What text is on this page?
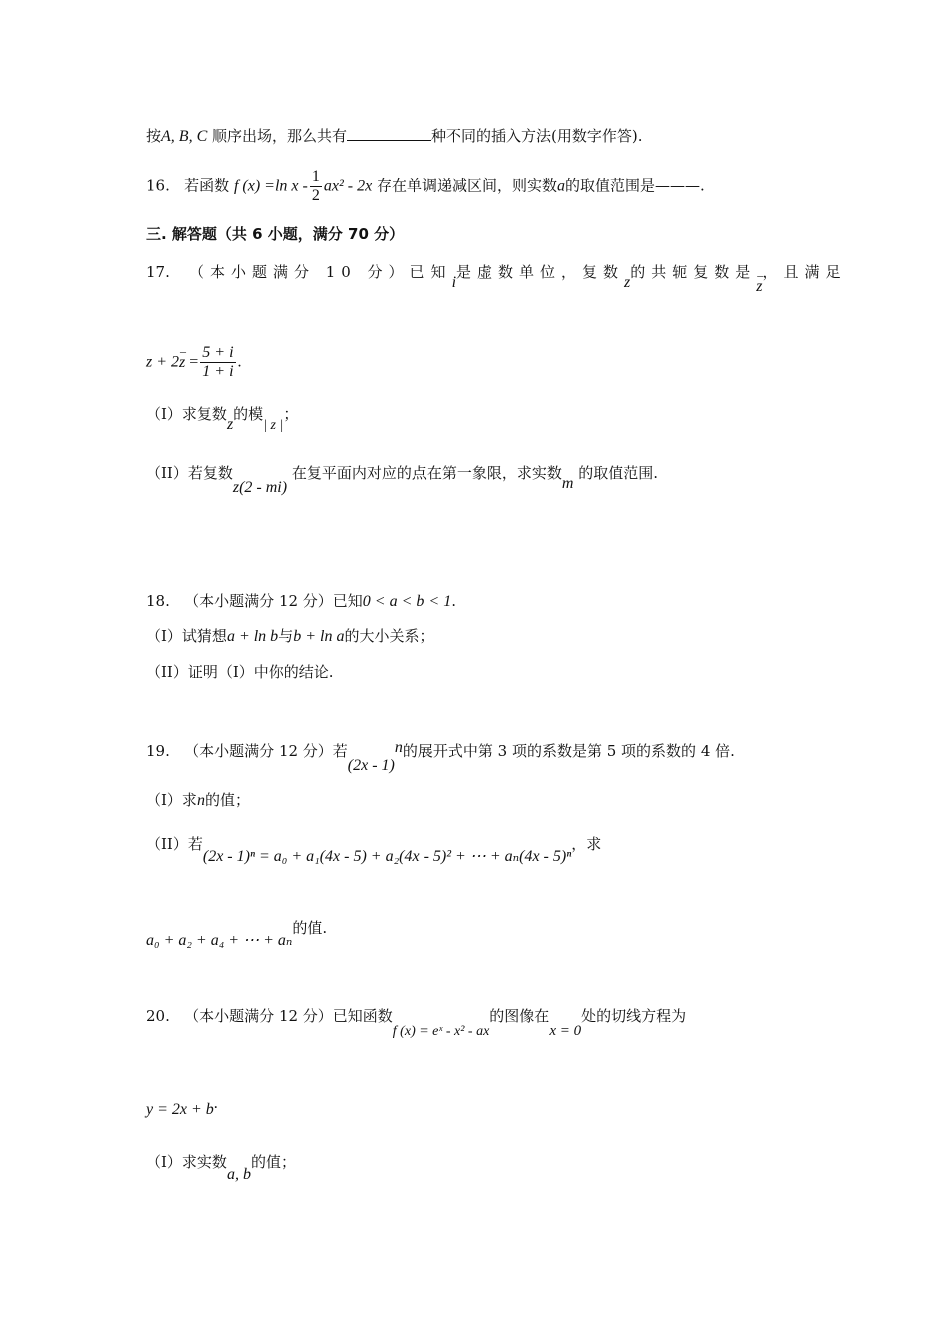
按A, B, C 顺序出场，那么共有	种不同的插入方法(用数字作答).
16. 若函数 f (x) =ln x - $\frac{1}{2} ax^2 - 2x$ 存在单调递减区间，则实数a的取值范围是———.
三. 解答题（共 6 小题，满分 70 分）
17. （本小题满分 10 分）已知i是虚数单位，复数z的共轭复数是– z，且满足
z + 2– $z = \frac{5 + i}{1 + i}$ .
（I）求复数z的模| z |；
（II）若复数z(2 - mi) 在复平面内对应的点在第一象限，求实数m 的取值范围.
18. （本小题满分 12 分）已知0 < a < b < 1.
（I）试猜想a + ln b与b + ln a的大小关系；
（II）证明（I）中你的结论.
19. （本小题满分 12 分）若(2x - 1)$^n$的展开式中第 3 项的系数是第 5 项的系数的 4 倍.
（I）求n的值；
（II）若(2x - 1)ⁿ = a₀ + a₁(4x - 5) + a₂(4x - 5)² + ⋯ + aₙ(4x - 5)ⁿ，求
a₀ + a₂ + a₄ + ⋯ + aₙ的值.
20. （本小题满分 12 分）已知函数f (x) = eˣ - x² - ax的图像在x = 0处的切线方程为
y = 2x + b.
（I）求实数a, b的值；
